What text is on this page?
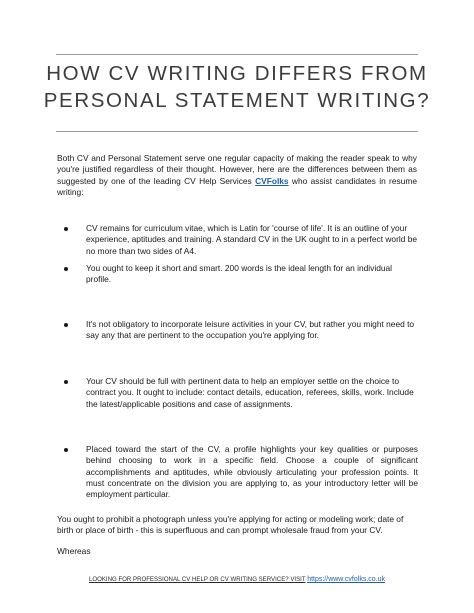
HOW CV WRITING DIFFERS FROM PERSONAL STATEMENT WRITING?

Both CV and Personal Statement serve one regular capacity of making the reader speak to why you're justified regardless of their thought. However, here are the differences between them as suggested by one of the leading CV Help Services CVFolks who assist candidates in resume writing:

CV remains for curriculum vitae, which is Latin for 'course of life'. It is an outline of your experience, aptitudes and training. A standard CV in the UK ought to in a perfect world be no more than two sides of A4.
You ought to keep it short and smart. 200 words is the ideal length for an individual profile.
It's not obligatory to incorporate leisure activities in your CV, but rather you might need to say any that are pertinent to the occupation you're applying for.
Your CV should be full with pertinent data to help an employer settle on the choice to contract you. It ought to include: contact details, education, referees, skills, work. Include the latest/applicable positions and case of assignments.
Placed toward the start of the CV, a profile highlights your key qualities or purposes behind choosing to work in a specific field. Choose a couple of significant accomplishments and aptitudes, while obviously articulating your profession points. It must concentrate on the division you are applying to, as your introductory letter will be employment particular.

You ought to prohibit a photograph unless you're applying for acting or modeling work; date of birth or place of birth - this is superfluous and can prompt wholesale fraud from your CV.

Whereas

LOOKING FOR PROFESSIONAL CV HELP OR CV WRITING SERVICE? VISIT https://www.cvfolks.co.uk
